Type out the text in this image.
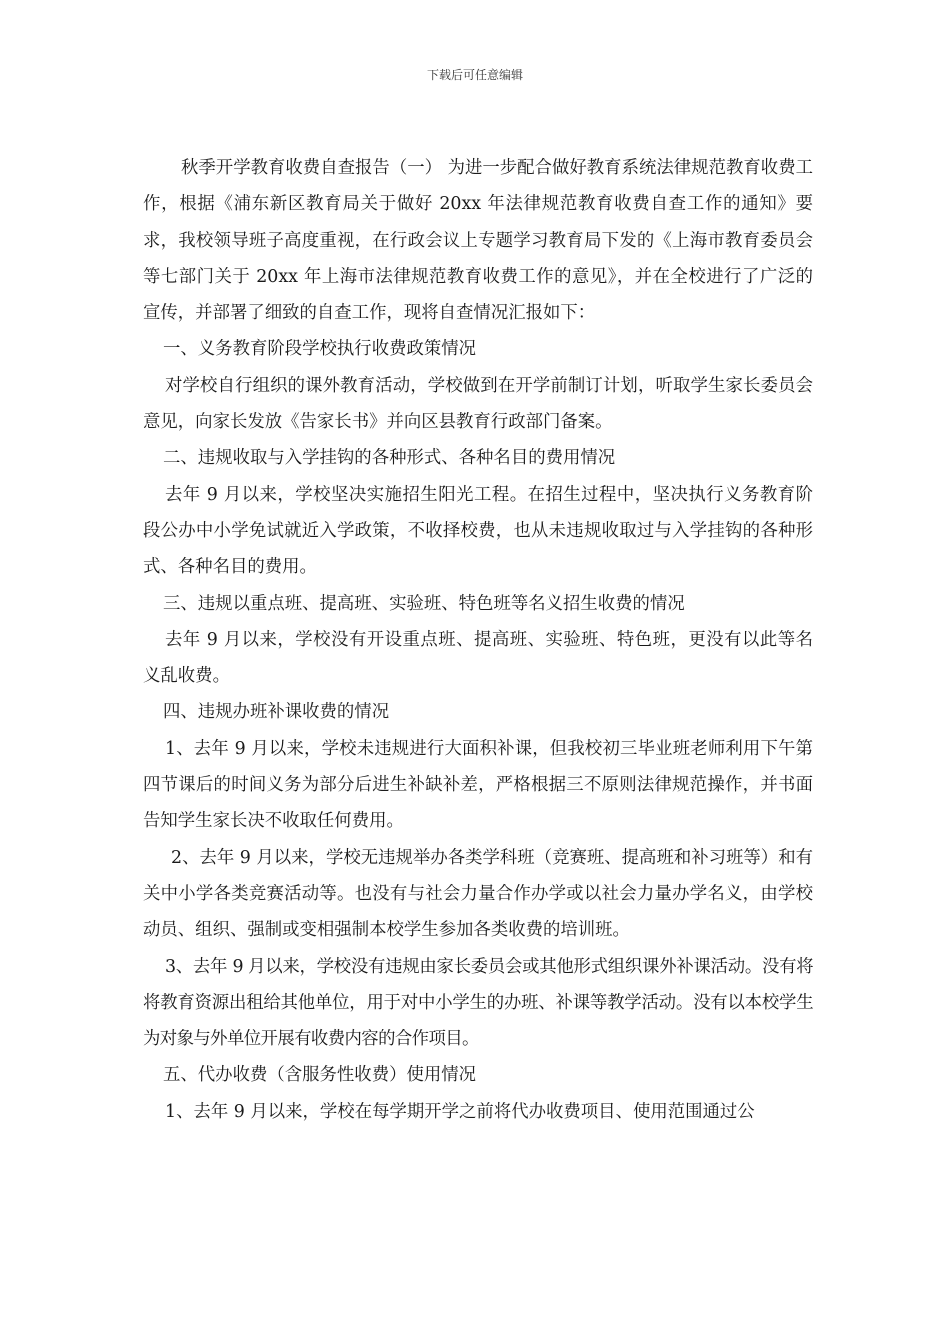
下载后可任意编辑

秋季开学教育收费自查报告（一） 为进一步配合做好教育系统法律规范教育收费工作，根据《浦东新区教育局关于做好 20xx 年法律规范教育收费自查工作的通知》要求，我校领导班子高度重视，在行政会议上专题学习教育局下发的《上海市教育委员会等七部门关于 20xx 年上海市法律规范教育收费工作的意见》，并在全校进行了广泛的宣传，并部署了细致的自查工作，现将自查情况汇报如下：

一、义务教育阶段学校执行收费政策情况

对学校自行组织的课外教育活动，学校做到在开学前制订计划，听取学生家长委员会意见，向家长发放《告家长书》并向区县教育行政部门备案。

二、违规收取与入学挂钩的各种形式、各种名目的费用情况

去年 9 月以来，学校坚决实施招生阳光工程。在招生过程中，坚决执行义务教育阶段公办中小学免试就近入学政策，不收择校费，也从未违规收取过与入学挂钩的各种形式、各种名目的费用。

三、违规以重点班、提高班、实验班、特色班等名义招生收费的情况

去年 9 月以来，学校没有开设重点班、提高班、实验班、特色班，更没有以此等名义乱收费。

四、违规办班补课收费的情况

1、去年 9 月以来，学校未违规进行大面积补课，但我校初三毕业班老师利用下午第四节课后的时间义务为部分后进生补缺补差，严格根据三不原则法律规范操作，并书面告知学生家长决不收取任何费用。

2、去年 9 月以来，学校无违规举办各类学科班（竞赛班、提高班和补习班等）和有关中小学各类竞赛活动等。也没有与社会力量合作办学或以社会力量办学名义，由学校动员、组织、强制或变相强制本校学生参加各类收费的培训班。

3、去年 9 月以来，学校没有违规由家长委员会或其他形式组织课外补课活动。没有将将教育资源出租给其他单位，用于对中小学生的办班、补课等教学活动。没有以本校学生为对象与外单位开展有收费内容的合作项目。

五、代办收费（含服务性收费）使用情况

1、去年 9 月以来，学校在每学期开学之前将代办收费项目、使用范围通过公
